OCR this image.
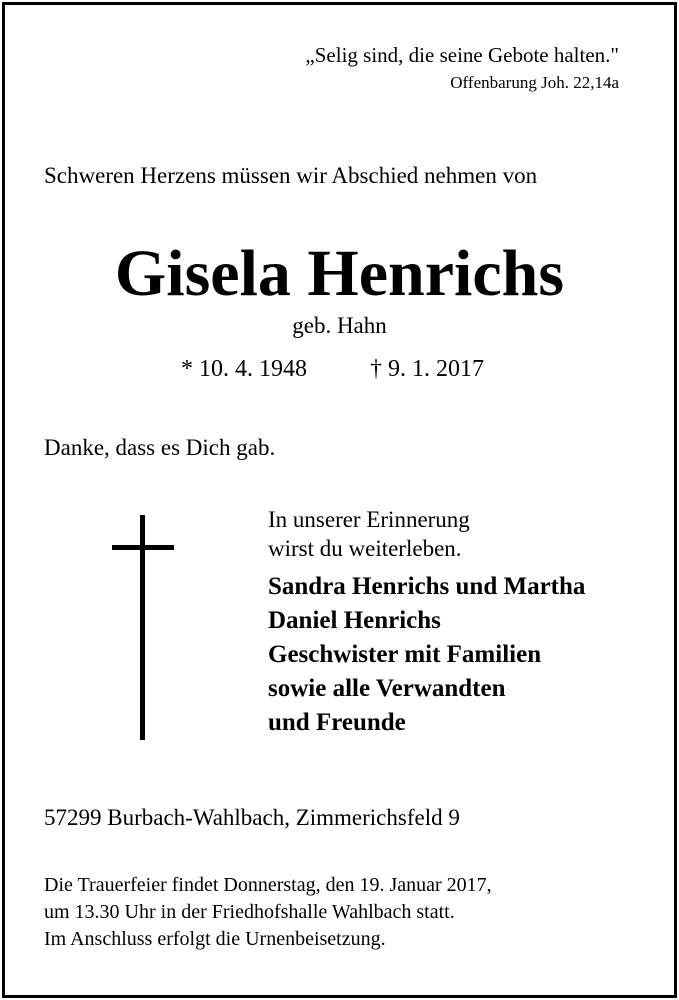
„Selig sind, die seine Gebote halten."
Offenbarung Joh. 22,14a
Schweren Herzens müssen wir Abschied nehmen von
Gisela Henrichs
geb. Hahn
* 10. 4. 1948	† 9. 1. 2017
Danke, dass es Dich gab.
In unserer Erinnerung
wirst du weiterleben.
Sandra Henrichs und Martha
Daniel Henrichs
Geschwister mit Familien
sowie alle Verwandten
und Freunde
57299 Burbach-Wahlbach, Zimmerichsfeld 9
Die Trauerfeier findet Donnerstag, den 19. Januar 2017,
um 13.30 Uhr in der Friedhofshalle Wahlbach statt.
Im Anschluss erfolgt die Urnenbeisetzung.
